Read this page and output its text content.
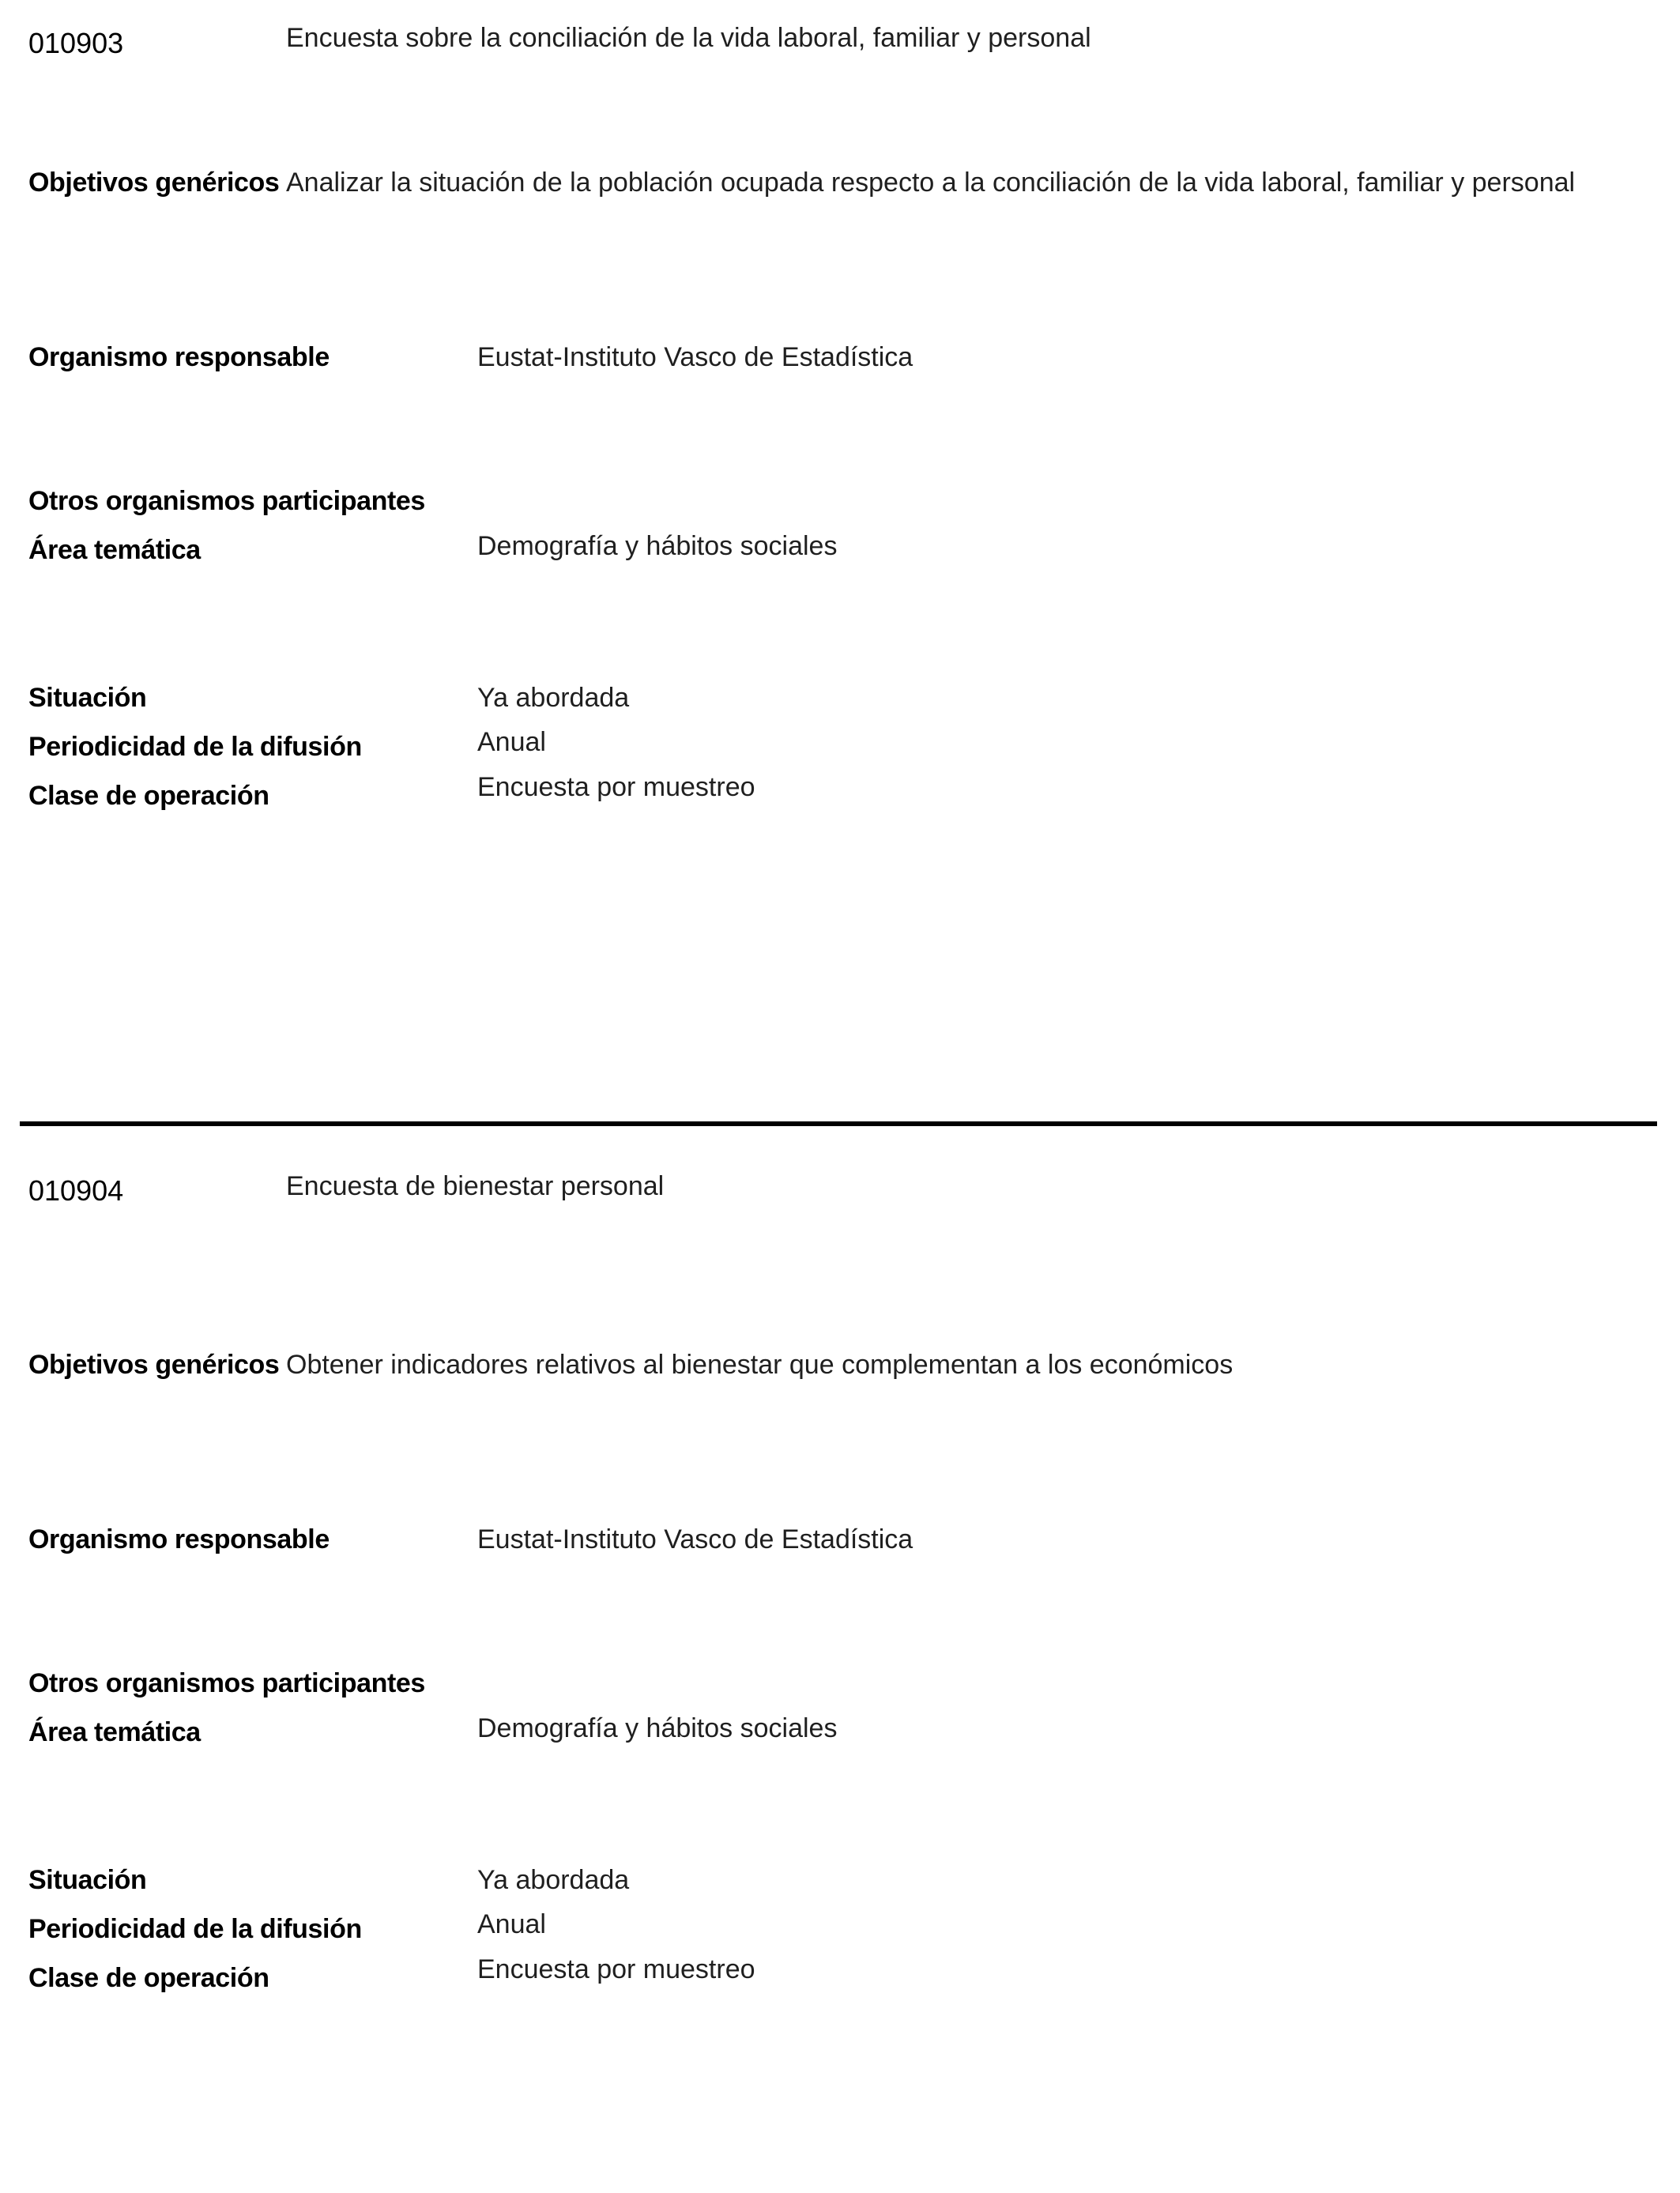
010903	Encuesta sobre la conciliación de la vida laboral, familiar y personal
Objetivos genéricos Analizar la situación de la población ocupada respecto a la conciliación de la vida laboral, familiar y personal
Organismo responsable	Eustat-Instituto Vasco de Estadística
Otros organismos participantes
Área temática	Demografía y hábitos sociales
Situación	Ya abordada
Periodicidad de la difusión	Anual
Clase de operación	Encuesta por muestreo
010904	Encuesta de bienestar personal
Objetivos genéricos Obtener indicadores relativos al bienestar que complementan a los económicos
Organismo responsable	Eustat-Instituto Vasco de Estadística
Otros organismos participantes
Área temática	Demografía y hábitos sociales
Situación	Ya abordada
Periodicidad de la difusión	Anual
Clase de operación	Encuesta por muestreo
